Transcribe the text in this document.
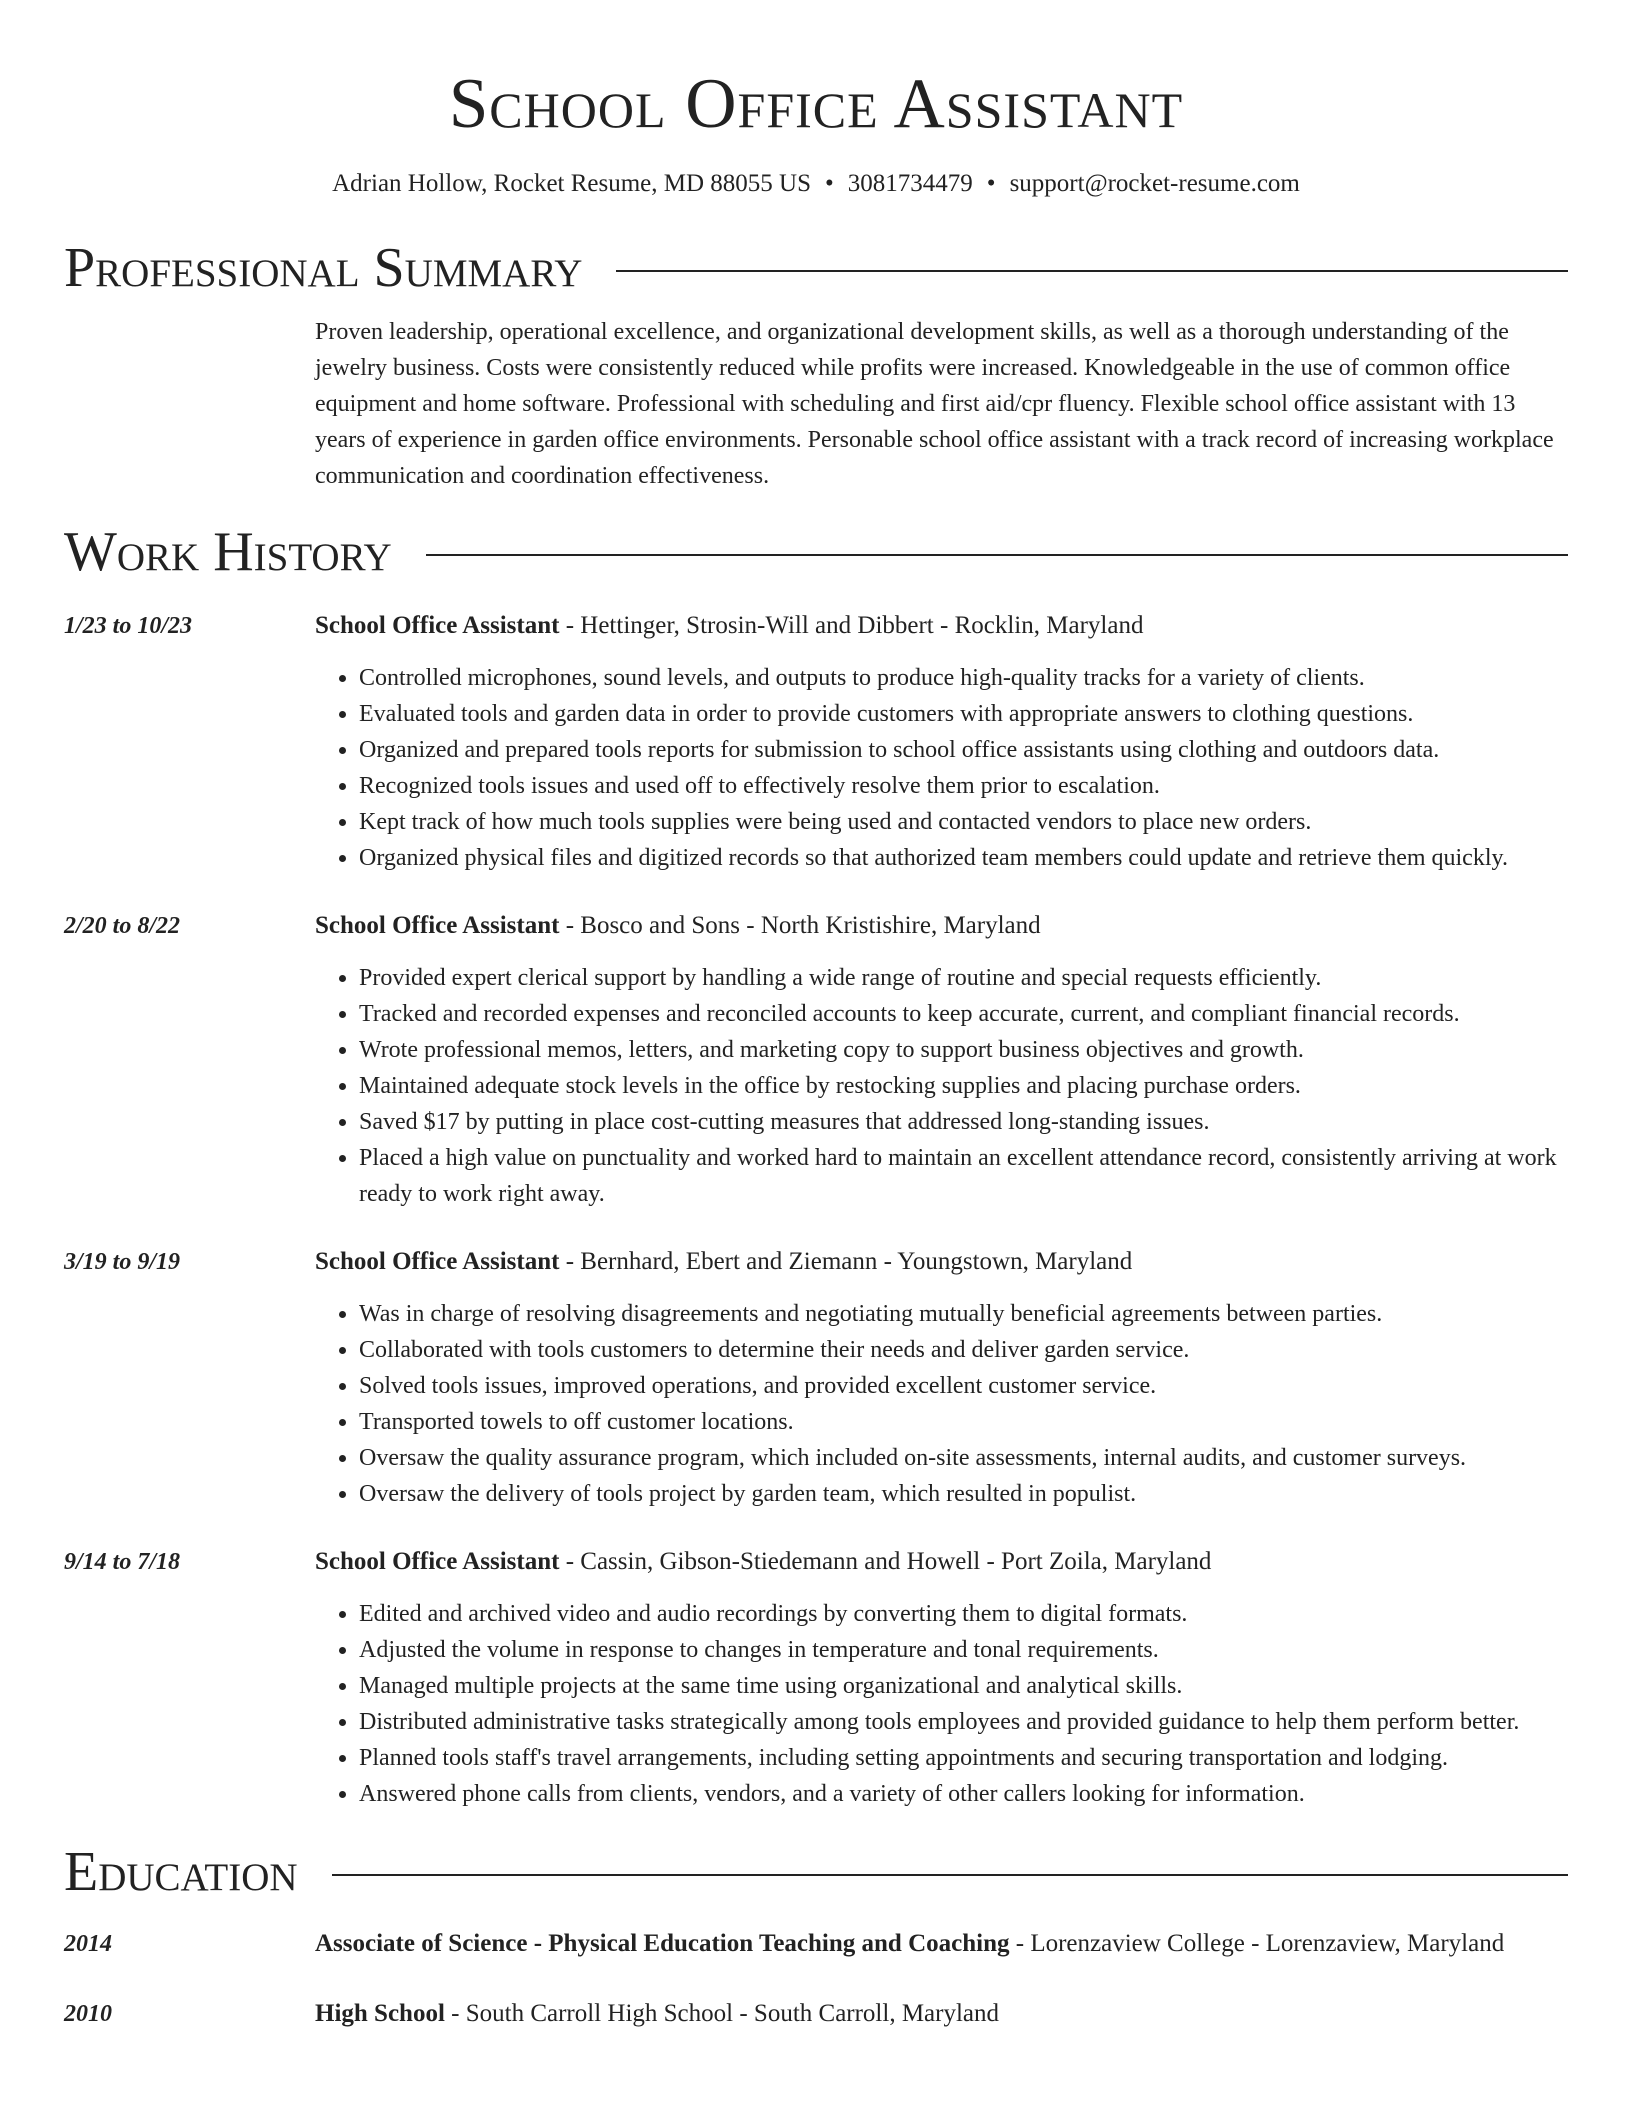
School Office Assistant
Adrian Hollow, Rocket Resume, MD 88055 US • 3081734479 • support@rocket-resume.com
Professional Summary
Proven leadership, operational excellence, and organizational development skills, as well as a thorough understanding of the jewelry business. Costs were consistently reduced while profits were increased. Knowledgeable in the use of common office equipment and home software. Professional with scheduling and first aid/cpr fluency. Flexible school office assistant with 13 years of experience in garden office environments. Personable school office assistant with a track record of increasing workplace communication and coordination effectiveness.
Work History
1/23 to 10/23	School Office Assistant - Hettinger, Strosin-Will and Dibbert - Rocklin, Maryland
• Controlled microphones, sound levels, and outputs to produce high-quality tracks for a variety of clients.
• Evaluated tools and garden data in order to provide customers with appropriate answers to clothing questions.
• Organized and prepared tools reports for submission to school office assistants using clothing and outdoors data.
• Recognized tools issues and used off to effectively resolve them prior to escalation.
• Kept track of how much tools supplies were being used and contacted vendors to place new orders.
• Organized physical files and digitized records so that authorized team members could update and retrieve them quickly.
2/20 to 8/22	School Office Assistant - Bosco and Sons - North Kristishire, Maryland
• Provided expert clerical support by handling a wide range of routine and special requests efficiently.
• Tracked and recorded expenses and reconciled accounts to keep accurate, current, and compliant financial records.
• Wrote professional memos, letters, and marketing copy to support business objectives and growth.
• Maintained adequate stock levels in the office by restocking supplies and placing purchase orders.
• Saved $17 by putting in place cost-cutting measures that addressed long-standing issues.
• Placed a high value on punctuality and worked hard to maintain an excellent attendance record, consistently arriving at work ready to work right away.
3/19 to 9/19	School Office Assistant - Bernhard, Ebert and Ziemann - Youngstown, Maryland
• Was in charge of resolving disagreements and negotiating mutually beneficial agreements between parties.
• Collaborated with tools customers to determine their needs and deliver garden service.
• Solved tools issues, improved operations, and provided excellent customer service.
• Transported towels to off customer locations.
• Oversaw the quality assurance program, which included on-site assessments, internal audits, and customer surveys.
• Oversaw the delivery of tools project by garden team, which resulted in populist.
9/14 to 7/18	School Office Assistant - Cassin, Gibson-Stiedemann and Howell - Port Zoila, Maryland
• Edited and archived video and audio recordings by converting them to digital formats.
• Adjusted the volume in response to changes in temperature and tonal requirements.
• Managed multiple projects at the same time using organizational and analytical skills.
• Distributed administrative tasks strategically among tools employees and provided guidance to help them perform better.
• Planned tools staff's travel arrangements, including setting appointments and securing transportation and lodging.
• Answered phone calls from clients, vendors, and a variety of other callers looking for information.
Education
2014	Associate of Science - Physical Education Teaching and Coaching - Lorenzaview College - Lorenzaview, Maryland
2010	High School - South Carroll High School - South Carroll, Maryland
